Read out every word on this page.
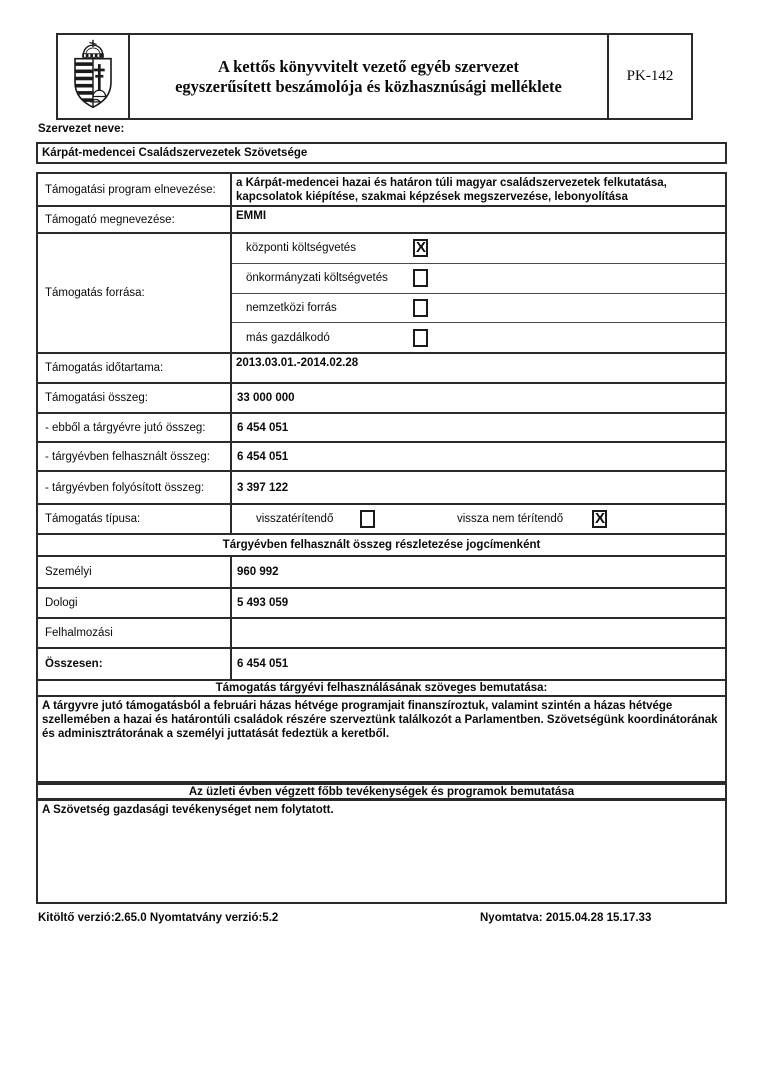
A kettős könyvvitelt vezető egyéb szervezet
egyszerűsített beszámolója és közhasznúsági melléklete
PK-142
Szervezet neve:
Kárpát-medencei Családszervezetek Szövetsége
Támogatási program elnevezése:
a Kárpát-medencei hazai és határon túli magyar családszervezetek felkutatása, kapcsolatok kiépítése, szakmai képzések megszervezése, lebonyolítása
Támogató megnevezése:	EMMI
Támogatás forrása:
központi költségvetés	X
önkormányzati költségvetés
nemzetközi forrás
más gazdálkodó
Támogatás időtartama:	2013.03.01.-2014.02.28
Támogatási összeg:	33 000 000
- ebből a tárgyévre jutó összeg:	6 454 051
- tárgyévben felhasznált összeg:	6 454 051
- tárgyévben folyósított összeg:	3 397 122
Támogatás típusa:	visszatérítendő	vissza nem térítendő	X
Tárgyévben felhasznált összeg részletezése jogcímenként
Személyi	960 992
Dologi	5 493 059
Felhalmozási
Összesen:	6 454 051
Támogatás tárgyévi felhasználásának szöveges bemutatása:
A tárgyvre jutó támogatásból a februári házas hétvége programjait finanszíroztuk, valamint szintén a házas hétvége szellemében a hazai és határontúli családok részére szerveztünk találkozót a Parlamentben. Szövetségünk koordinátorának és adminisztrátorának a személyi juttatását fedeztük a keretből.
Az üzleti évben végzett főbb tevékenységek és programok bemutatása
A Szövetség gazdasági tevékenységet nem folytatott.
Kitöltő verzió:2.65.0 Nyomtatvány verzió:5.2	Nyomtatva: 2015.04.28 15.17.33
